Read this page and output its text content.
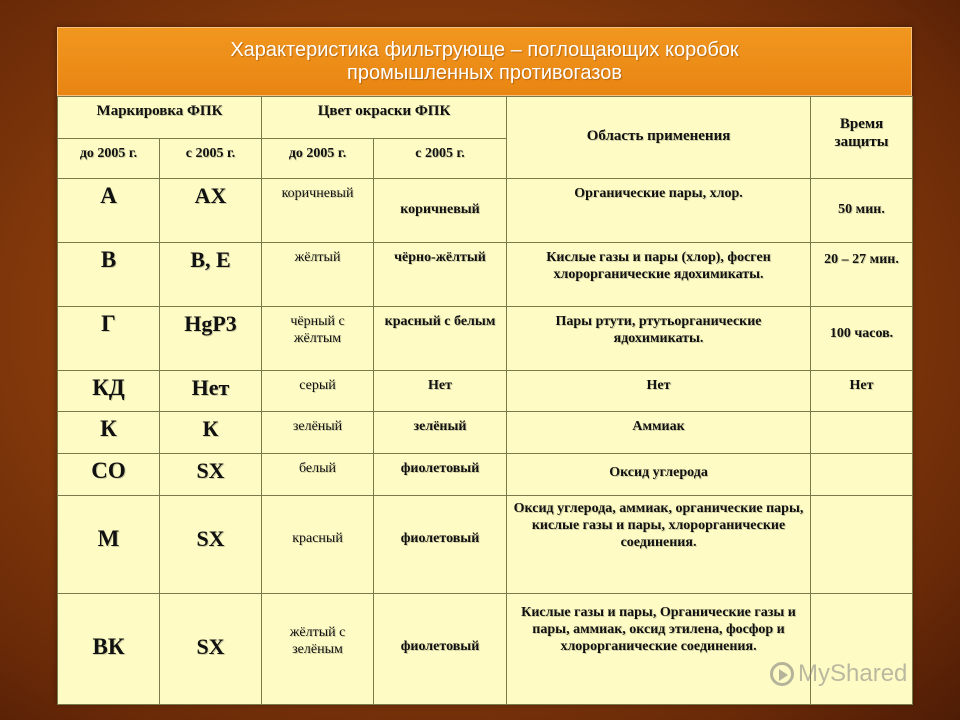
Характеристика фильтрующе – поглощающих коробок
промышленных противогазов
Маркировка ФПК		Цвет окраски ФПК		Область применения	Время защиты
до 2005 г.	с 2005 г.	до 2005 г.	с 2005 г.		
А	АХ	коричневый	коричневый	Органические пары, хлор.	50 мин.
В	В, Е	жёлтый	чёрно-жёлтый	Кислые газы и пары (хлор), фосген хлорорганические ядохимикаты.	20 – 27 мин.
Г	HgP3	чёрный с жёлтым	красный с белым	Пары ртути, ртутьорганические ядохимикаты.	100 часов.
КД	Нет	серый	Нет	Нет	Нет
К	К	зелёный	зелёный	Аммиак	
СО	SX	белый	фиолетовый	Оксид углерода	
М	SX	красный	фиолетовый	Оксид углерода, аммиак, органические пары, кислые газы и пары, хлорорганические соединения.	
ВК	SX	жёлтый с зелёным	фиолетовый	Кислые газы и пары, Органические газы и пары, аммиак, оксид этилена, фосфор и хлорорганические соединения.	
MyShared
